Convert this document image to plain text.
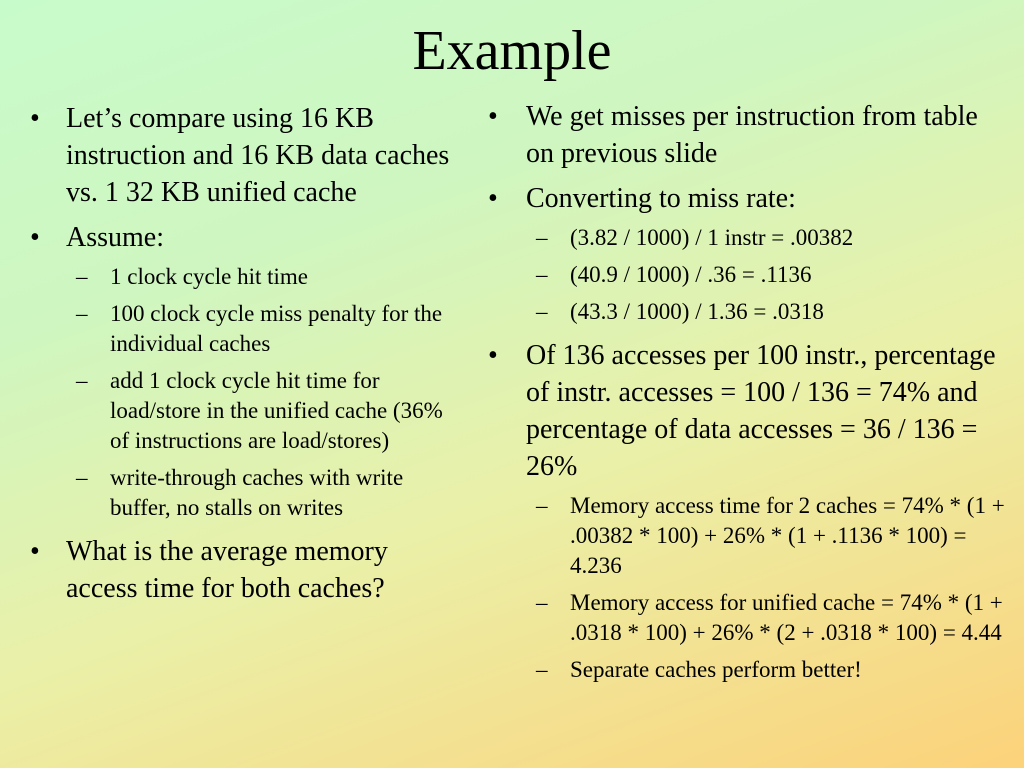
Example
• Let’s compare using 16 KB instruction and 16 KB data caches vs. 1 32 KB unified cache
• Assume:
– 1 clock cycle hit time
– 100 clock cycle miss penalty for the individual caches
– add 1 clock cycle hit time for load/store in the unified cache (36% of instructions are load/stores)
– write-through caches with write buffer, no stalls on writes
• What is the average memory access time for both caches?
•	We get misses per instruction from table on previous slide
•	Converting to miss rate:
– (3.82 / 1000) / 1 instr = .00382
– (40.9 / 1000) / .36 = .1136
– (43.3 / 1000) / 1.36 = .0318
•	Of 136 accesses per 100 instr., percentage of instr. accesses = 100 / 136 = 74% and percentage of data accesses = 36 / 136 = 26%
– Memory access time for 2 caches = 74% * (1 + .00382 * 100) + 26% * (1 + .1136 * 100) = 4.236
– Memory access for unified cache = 74% * (1 + .0318 * 100) + 26% * (2 + .0318 * 100) = 4.44
– Separate caches perform better!
